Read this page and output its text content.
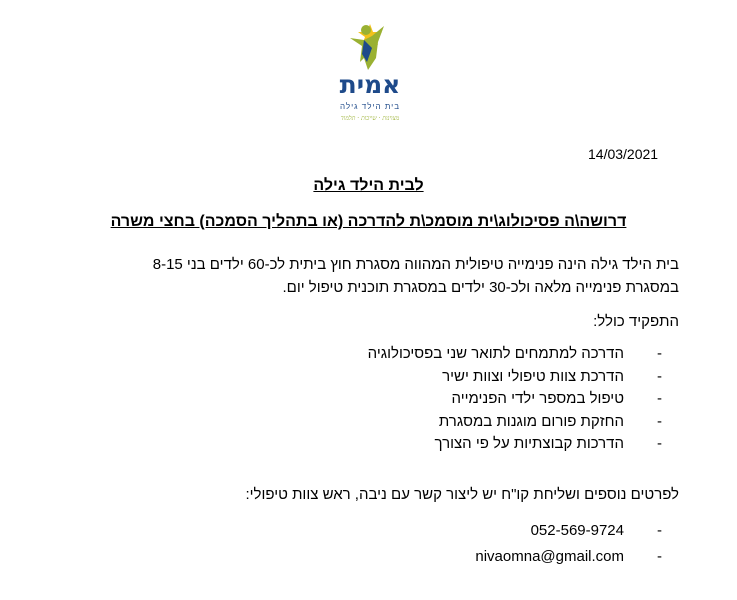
אמית
בית הילד גילה
מצוינות · שייכות · תלמוד
14/03/2021
לבית הילד גילה
דרושה\ה פסיכולוג\ית מוסמכ\ת להדרכה (או בתהליך הסמכה) בחצי משרה
בית הילד גילה הינה פנימייה טיפולית המהווה מסגרת חוץ ביתית לכ-60 ילדים בני 8-15
במסגרת פנימייה מלאה ולכ-30 ילדים במסגרת תוכנית טיפול יום.
התפקיד כולל:
-
הדרכה למתמחים לתואר שני בפסיכולוגיה
-
הדרכת צוות טיפולי וצוות ישיר
-
טיפול במספר ילדי הפנימייה
-
החזקת פורום מוגנות במסגרת
-
הדרכות קבוצתיות על פי הצורך
לפרטים נוספים ושליחת קו"ח יש ליצור קשר עם ניבה, ראש צוות טיפולי:
-
052-569-9724
-
nivaomna@gmail.com
